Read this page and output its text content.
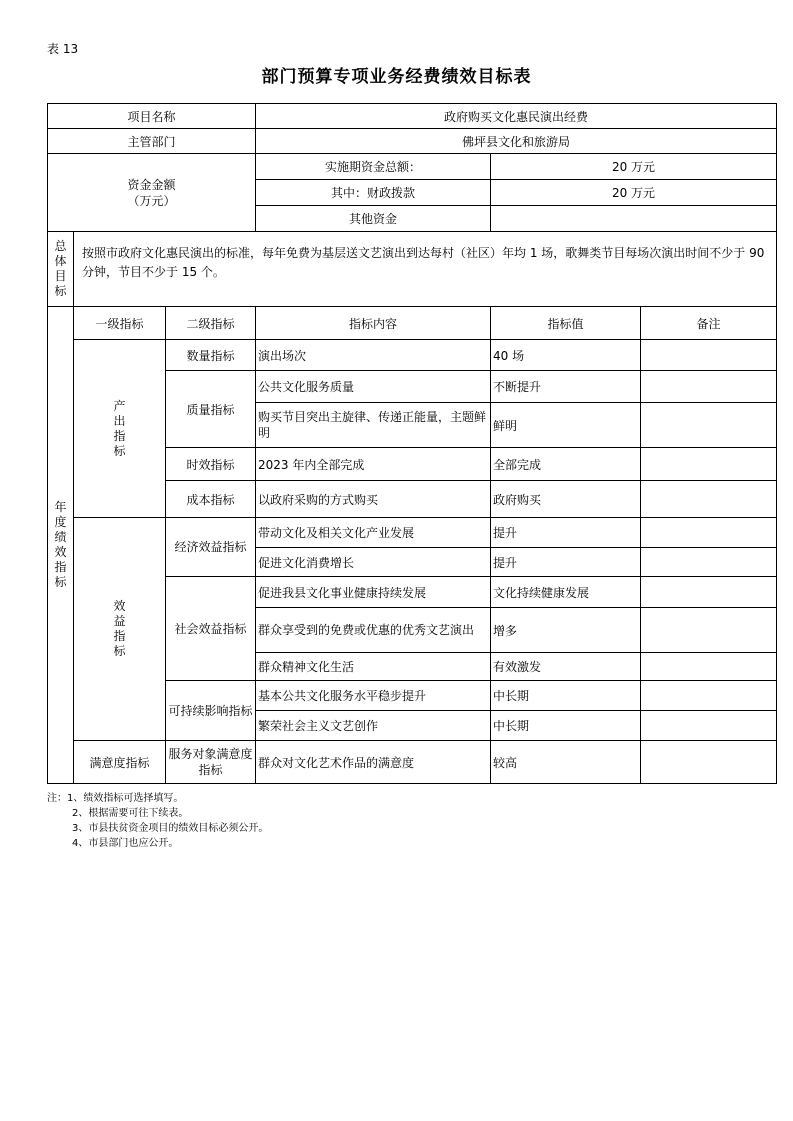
表 13
部门预算专项业务经费绩效目标表
项目名称			政府购买文化惠民演出经费		
主管部门			佛坪县文化和旅游局		

资金金额
（万元）			实施期资金总额：	20 万元	
			其中：财政拨款	20 万元	
			其他资金		
总体目标	按照市政府文化惠民演出的标准，每年免费为基层送文艺演出到达每村（社区）年均 1 场，歌舞类节目每场次演出时间不少于 90 分钟，节目不少于 15 个。				
年度绩效指标	一级指标	二级指标	指标内容	指标值	备注
	产出指标	数量指标	演出场次	40 场	
		质量指标	公共文化服务质量	不断提升	
			购买节目突出主旋律、传递正能量，主题鲜明	鲜明	
		时效指标	2023 年内全部完成	全部完成	
		成本指标	以政府采购的方式购买	政府购买	
	效益指标	经济效益指标	带动文化及相关文化产业发展	提升	
			促进文化消费增长	提升	
		社会效益指标	促进我县文化事业健康持续发展	文化持续健康发展	
			群众享受到的免费或优惠的优秀文艺演出	增多	
			群众精神文化生活	有效激发	
		可持续影响指标	基本公共文化服务水平稳步提升	中长期	
			繁荣社会主义文艺创作	中长期	
	满意度指标	服务对象满意度指标	群众对文化艺术作品的满意度	较高	
注：1、绩效指标可选择填写。
2、根据需要可往下续表。
3、市县扶贫资金项目的绩效目标必须公开。
4、市县部门也应公开。
